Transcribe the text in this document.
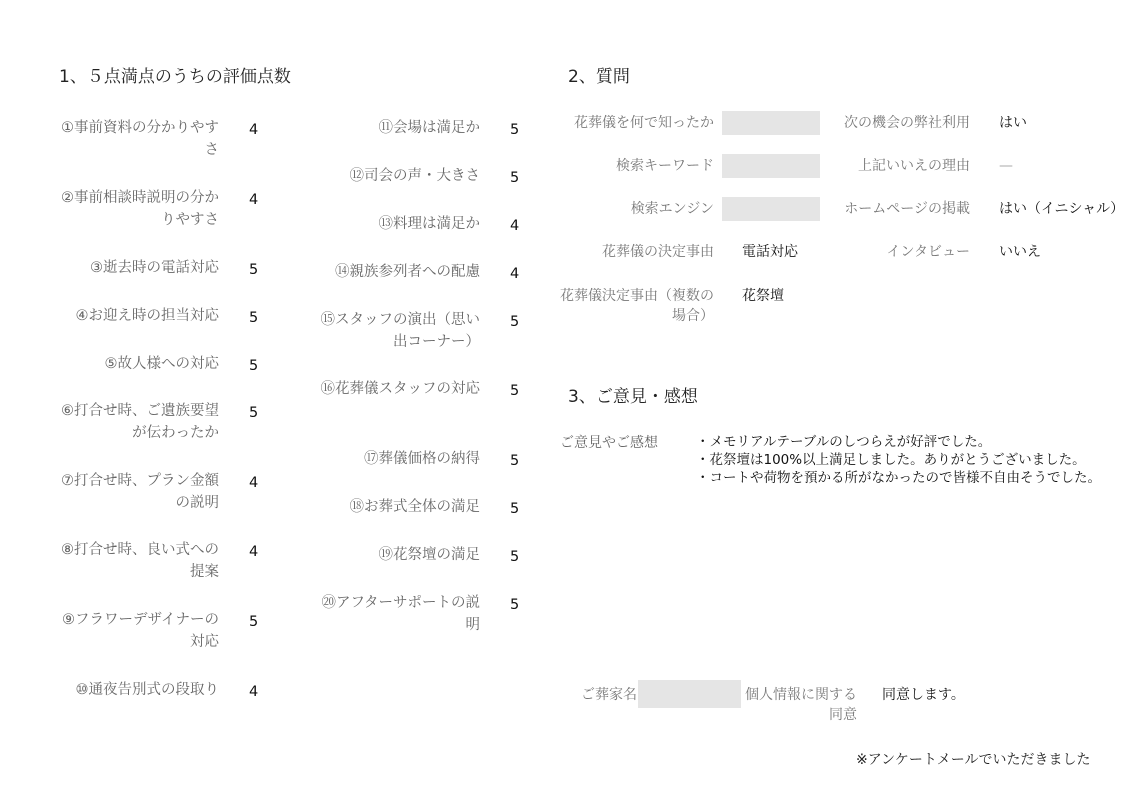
1、５点満点のうちの評価点数
①事前資料の分かりやすさ
4
②事前相談時説明の分かりやすさ
4
③逝去時の電話対応 5
④お迎え時の担当対応 5
⑤故人様への対応 5
⑥打合せ時、ご遺族要望が伝わったか
5
⑦打合せ時、プラン金額の説明
4
⑧打合せ時、良い式への提案
4
⑨フラワーデザイナーの対応
5
⑩通夜告別式の段取り 4
⑪会場は満足か 5
⑫司会の声・大きさ 5
⑬料理は満足か 4
⑭親族参列者への配慮 4
⑮スタッフの演出（思い出コーナー）
5
⑯花葬儀スタッフの対応 5
⑰葬儀価格の納得 5
⑱お葬式全体の満足 5
⑲花祭壇の満足 5
⑳アフターサポートの説明
5
2、質問
花葬儀を何で知ったか
検索キーワード
検索エンジン
花葬儀の決定事由 電話対応
花葬儀決定事由（複数の場合）
花祭壇
次の機会の弊社利用 はい
上記いいえの理由 —
ホームページの掲載 はい（イニシャル）
インタビュー いいえ
3、ご意見・感想
ご意見やご感想	・メモリアルテーブルのしつらえが好評でした。
・花祭壇は100%以上満足しました。ありがとうございました。
・コートや荷物を預かる所がなかったので皆様不自由そうでした。
ご葬家名	個人情報に関する同意
同意します。
※アンケートメールでいただきました
